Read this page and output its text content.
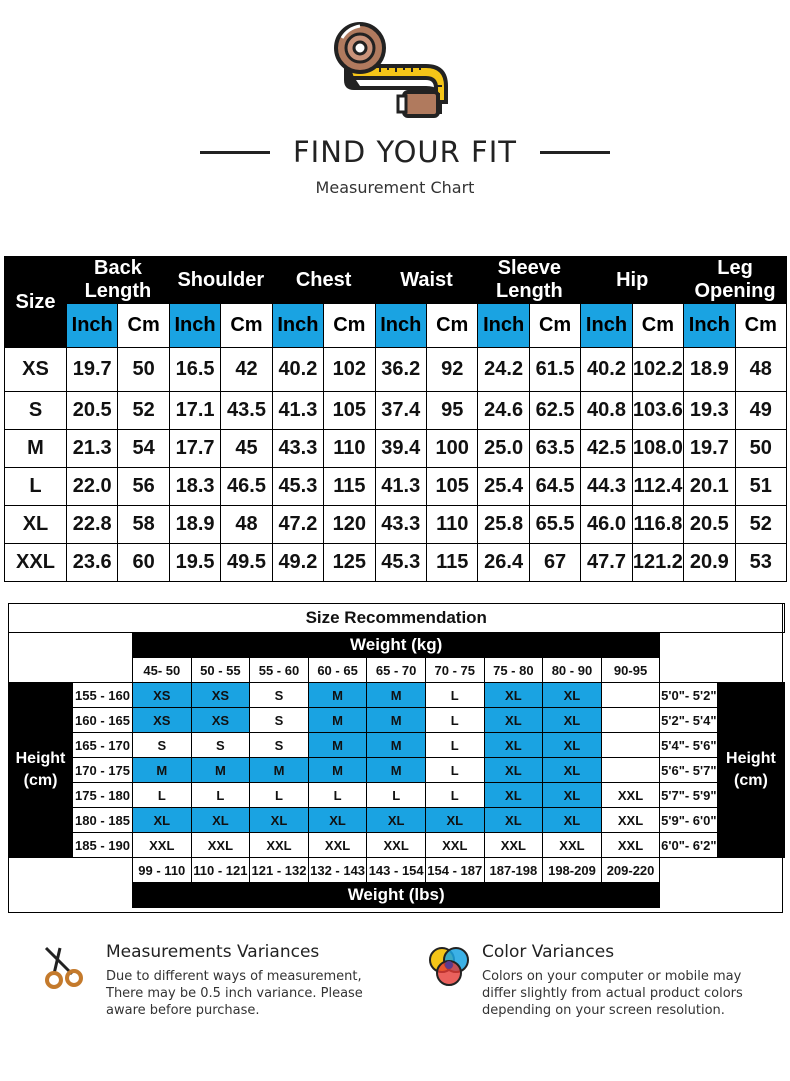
FIND YOUR FIT
Measurement Chart
Size	Back Length		Shoulder		Chest		Waist		Sleeve Length		Hip		Leg Opening	
	Inch	Cm	Inch	Cm	Inch	Cm	Inch	Cm	Inch	Cm	Inch	Cm	Inch	Cm
XS	19.7	50	16.5	42	40.2	102	36.2	92	24.2	61.5	40.2	102.2	18.9	48
S	20.5	52	17.1	43.5	41.3	105	37.4	95	24.6	62.5	40.8	103.6	19.3	49
M	21.3	54	17.7	45	43.3	110	39.4	100	25.0	63.5	42.5	108.0	19.7	50
L	22.0	56	18.3	46.5	45.3	115	41.3	105	25.4	64.5	44.3	112.4	20.1	51
XL	22.8	58	18.9	48	47.2	120	43.3	110	25.8	65.5	46.0	116.8	20.5	52
XXL	23.6	60	19.5	49.5	49.2	125	45.3	115	26.4	67	47.7	121.2	20.9	53
Size Recommendation												
		Weight (kg)										
		45- 50	50 - 55	55 - 60	60 - 65	65 - 70	70 - 75	75 - 80	80 - 90	90-95		
Height
(cm)	155 - 160	XS	XS	S	M	M	L	XL	XL		5'0"- 5'2"	Height
(cm)
	160 - 165	XS	XS	S	M	M	L	XL	XL		5'2"- 5'4"	
	165 - 170	S	S	S	M	M	L	XL	XL		5'4"- 5'6"	
	170 - 175	M	M	M	M	M	L	XL	XL		5'6"- 5'7"	
	175 - 180	L	L	L	L	L	L	XL	XL	XXL	5'7"- 5'9"	
	180 - 185	XL	XL	XL	XL	XL	XL	XL	XL	XXL	5'9"- 6'0"	
	185 - 190	XXL	XXL	XXL	XXL	XXL	XXL	XXL	XXL	XXL	6'0"- 6'2"	
		99 - 110	110 - 121	121 - 132	132 - 143	143 - 154	154 - 187	187-198	198-209	209-220		
		Weight (lbs)										
Measurements Variances

Due to different ways of measurement, There may be 0.5 inch variance. Please aware before purchase.

Color Variances

Colors on your computer or mobile may differ slightly from actual product colors depending on your screen resolution.
